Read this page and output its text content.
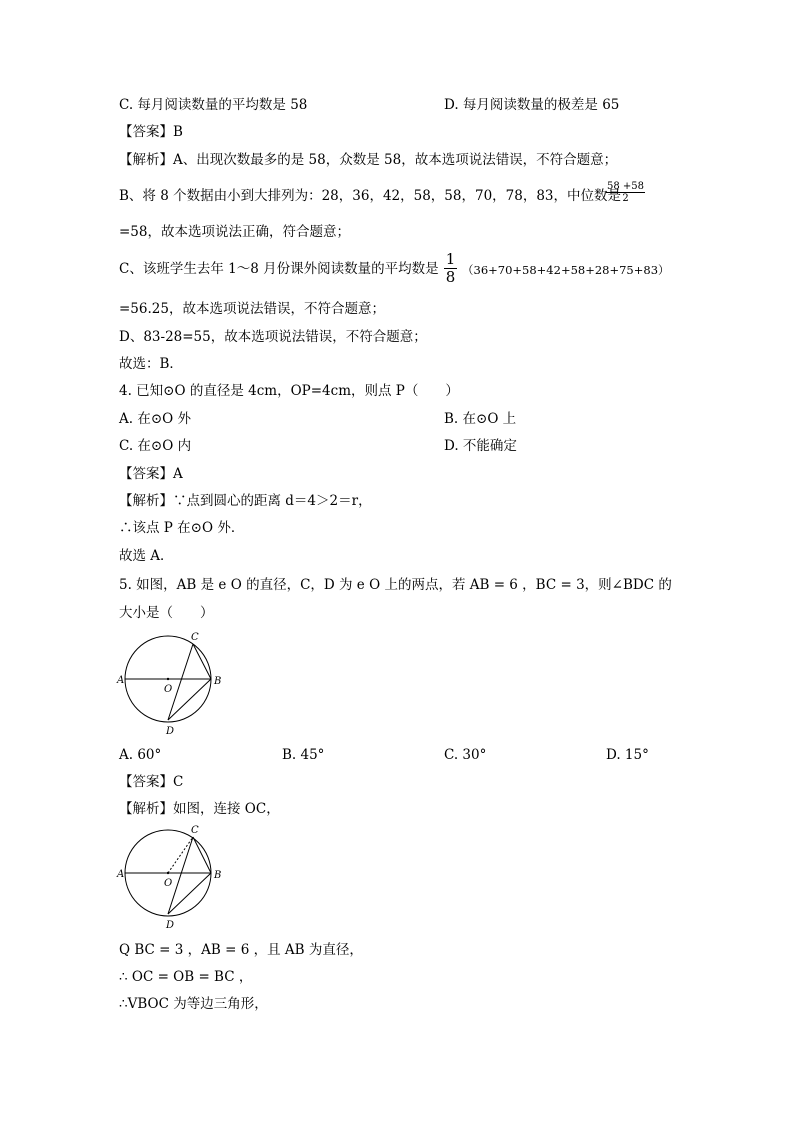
C. 每月阅读数量的平均数是 58	D. 每月阅读数量的极差是 65
【答案】B
【解析】A、出现次数最多的是 58，众数是 58，故本选项说法错误，不符合题意；
B、将 8 个数据由小到大排列为：28，36，42，58，58，70，78，83，中位数是
$\frac{58 +58}{2}$
=58，故本选项说法正确，符合题意；
C、该班学生去年 1～8 月份课外阅读数量的平均数是 $\frac{1}{8} (36+70+58+42+58+28+75+83)$
=56.25，故本选项说法错误，不符合题意；
D、83-28=55，故本选项说法错误，不符合题意；
故选：B．
4. 已知⊙O 的直径是 4cm，OP=4cm，则点 P（　　）
A. 在⊙O 外	B. 在⊙O 上
C. 在⊙O 内	D. 不能确定
【答案】A
【解析】∵点到圆心的距离 d＝4＞2＝r，
∴该点 P 在⊙O 外．
故选 A．
5. 如图，AB 是 e O 的直径，C，D 为 e O 上的两点，若 AB = 6 ，BC = 3，则∠BDC 的
大小是（　　）
A	B
C
D
O
A. 60°	B. 45°	C. 30°	D. 15°
【答案】C
【解析】如图，连接 OC，
A	B
C
D
O
Q BC = 3 ，AB = 6 ，且 AB 为直径，
∴ OC = OB = BC ，
∴VBOC 为等边三角形，
